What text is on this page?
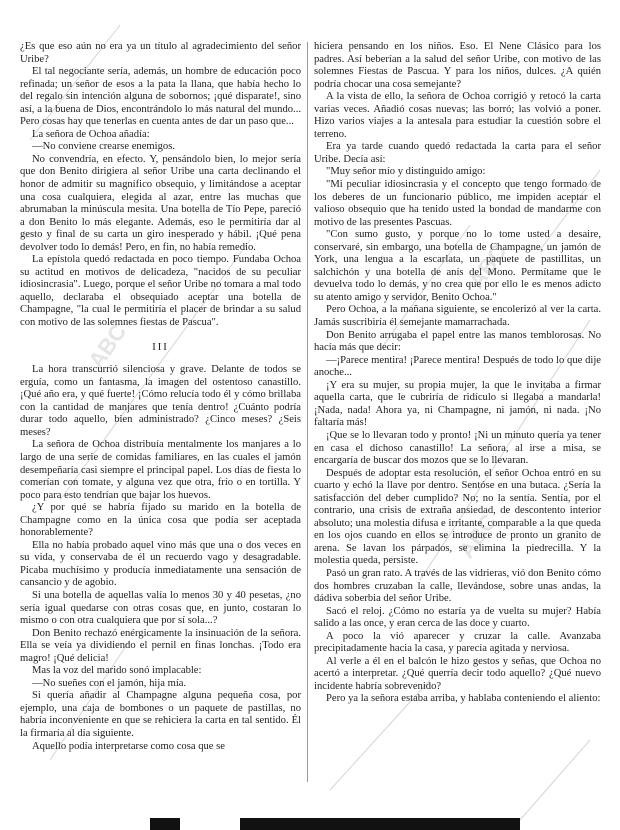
ABC
ABC
ABC

¿Es que eso aún no era ya un título al agradecimiento del señor Uribe?

El tal negociante sería, además, un hombre de educación poco refinada; un señor de esos a la pata la llana, que había hecho lo del regalo sin intención alguna de sobornos; ¡qué disparate!, sino así, a la buena de Dios, encontrándolo lo más natural del mundo... Pero cosas hay que tenerlas en cuenta antes de dar un paso que...

La señora de Ochoa añadía:

—No conviene crearse enemigos.

No convendría, en efecto. Y, pensándolo bien, lo mejor sería que don Benito dirigiera al señor Uribe una carta declinando el honor de admitir su magnífico obsequio, y limitándose a aceptar una cosa cualquiera, elegida al azar, entre las muchas que abrumaban la minúscula mesita. Una botella de Tío Pepe, pareció a don Benito lo más elegante. Además, eso le permitiría dar al gesto y final de su carta un giro inesperado y hábil. ¡Qué pena devolver todo lo demás! Pero, en fin, no había remedio.

La epístola quedó redactada en poco tiempo. Fundaba Ochoa su actitud en motivos de delicadeza, "nacidos de su peculiar idiosincrasia". Luego, porque el señor Uribe no tomara a mal todo aquello, declaraba el obsequiado aceptar una botella de Champagne, "la cual le permitiría el placer de brindar a su salud con motivo de las solemnes fiestas de Pascua".

III

La hora transcurrió silenciosa y grave. Delante de todos se erguía, como un fantasma, la imagen del ostentoso canastillo. ¡Qué año era, y qué fuerte! ¡Cómo relucía todo él y cómo brillaba con la cantidad de manjares que tenía dentro! ¿Cuánto podría durar todo aquello, bien administrado? ¿Cinco meses? ¿Seis meses?

La señora de Ochoa distribuía mentalmente los manjares a lo largo de una serie de comidas familiares, en las cuales el jamón desempeñaría casi siempre el principal papel. Los días de fiesta lo comerían con tomate, y alguna vez que otra, frío o en tortilla. Y poco para esto tendrían que bajar los huevos.

¿Y por qué se habría fijado su marido en la botella de Champagne como en la única cosa que podía ser aceptada honorablemente?

Ella no había probado aquel vino más que una o dos veces en su vida, y conservaba de él un recuerdo vago y desagradable. Picaba muchísimo y producía inmediatamente una sensación de cansancio y de agobio.

Si una botella de aquellas valía lo menos 30 y 40 pesetas, ¿no sería igual quedarse con otras cosas que, en junto, costaran lo mismo o con otra cualquiera que por sí sola...?

Don Benito rechazó enérgicamente la insinuación de la señora. Ella se veía ya dividiendo el pernil en finas lonchas. ¡Todo era magro! ¡Qué delicia!

Mas la voz del marido sonó implacable:

—No sueñes con el jamón, hija mía.

Si quería añadir al Champagne alguna pequeña cosa, por ejemplo, una caja de bombones o un paquete de pastillas, no habría inconveniente en que se rehiciera la carta en tal sentido. Él la firmaría al día siguiente.

Aquello podía interpretarse como cosa que se

hiciera pensando en los niños. Eso. El Nene Clásico para los padres. Así beberían a la salud del señor Uribe, con motivo de las solemnes Fiestas de Pascua. Y para los niños, dulces. ¿A quién podría chocar una cosa semejante?

A la vista de ello, la señora de Ochoa corrigió y retocó la carta varias veces. Añadió cosas nuevas; las borró; las volvió a poner. Hizo varios viajes a la antesala para estudiar la cuestión sobre el terreno.

Era ya tarde cuando quedó redactada la carta para el señor Uribe. Decía así:

"Muy señor mío y distinguido amigo:

"Mi peculiar idiosincrasia y el concepto que tengo formado de los deberes de un funcionario público, me impiden aceptar el valioso obsequio que ha tenido usted la bondad de mandarme con motivo de las presentes Pascuas.

"Con sumo gusto, y porque no lo tome usted a desaire, conservaré, sin embargo, una botella de Champagne, un jamón de York, una lengua a la escarlata, un paquete de pastillitas, un salchichón y una botella de anís del Mono. Permítame que le devuelva todo lo demás, y no crea que por ello le es menos adicto su atento amigo y servidor, Benito Ochoa."

Pero Ochoa, a la mañana siguiente, se encolerizó al ver la carta. Jamás suscribiría él semejante mamarrachada.

Don Benito arrugaba el papel entre las manos temblorosas. No hacía más que decir:

—¡Parece mentira! ¡Parece mentira! Después de todo lo que dije anoche...

¡Y era su mujer, su propia mujer, la que le invitaba a firmar aquella carta, que le cubriría de ridículo si llegaba a mandarla! ¡Nada, nada! Ahora ya, ni Champagne, ni jamón, ni nada. ¡No faltaría más!

¡Que se lo llevaran todo y pronto! ¡Ni un minuto quería ya tener en casa el dichoso canastillo! La señora, al irse a misa, se encargaría de buscar dos mozos que se lo llevaran.

Después de adoptar esta resolución, el señor Ochoa entró en su cuarto y echó la llave por dentro. Sentóse en una butaca. ¿Sería la satisfacción del deber cumplido? No; no la sentía. Sentía, por el contrario, una crisis de extraña ansiedad, de descontento interior absoluto; una molestia difusa e irritante, comparable a la que queda en los ojos cuando en ellos se introduce de pronto un granito de arena. Se lavan los párpados, se elimina la piedrecilla. Y la molestia queda, persiste.

Pasó un gran rato. A través de las vidrieras, vió don Benito cómo dos hombres cruzaban la calle, llevándose, sobre unas andas, la dádiva soberbia del señor Uribe.

Sacó el reloj. ¿Cómo no estaría ya de vuelta su mujer? Había salido a las once, y eran cerca de las doce y cuarto.

A poco la vió aparecer y cruzar la calle. Avanzaba precipitadamente hacia la casa, y parecía agitada y nerviosa.

Al verle a él en el balcón le hizo gestos y señas, que Ochoa no acertó a interpretar. ¿Qué querría decir todo aquello? ¿Qué nuevo incidente habría sobrevenido?

Pero ya la señora estaba arriba, y hablaba conteniendo el aliento:
